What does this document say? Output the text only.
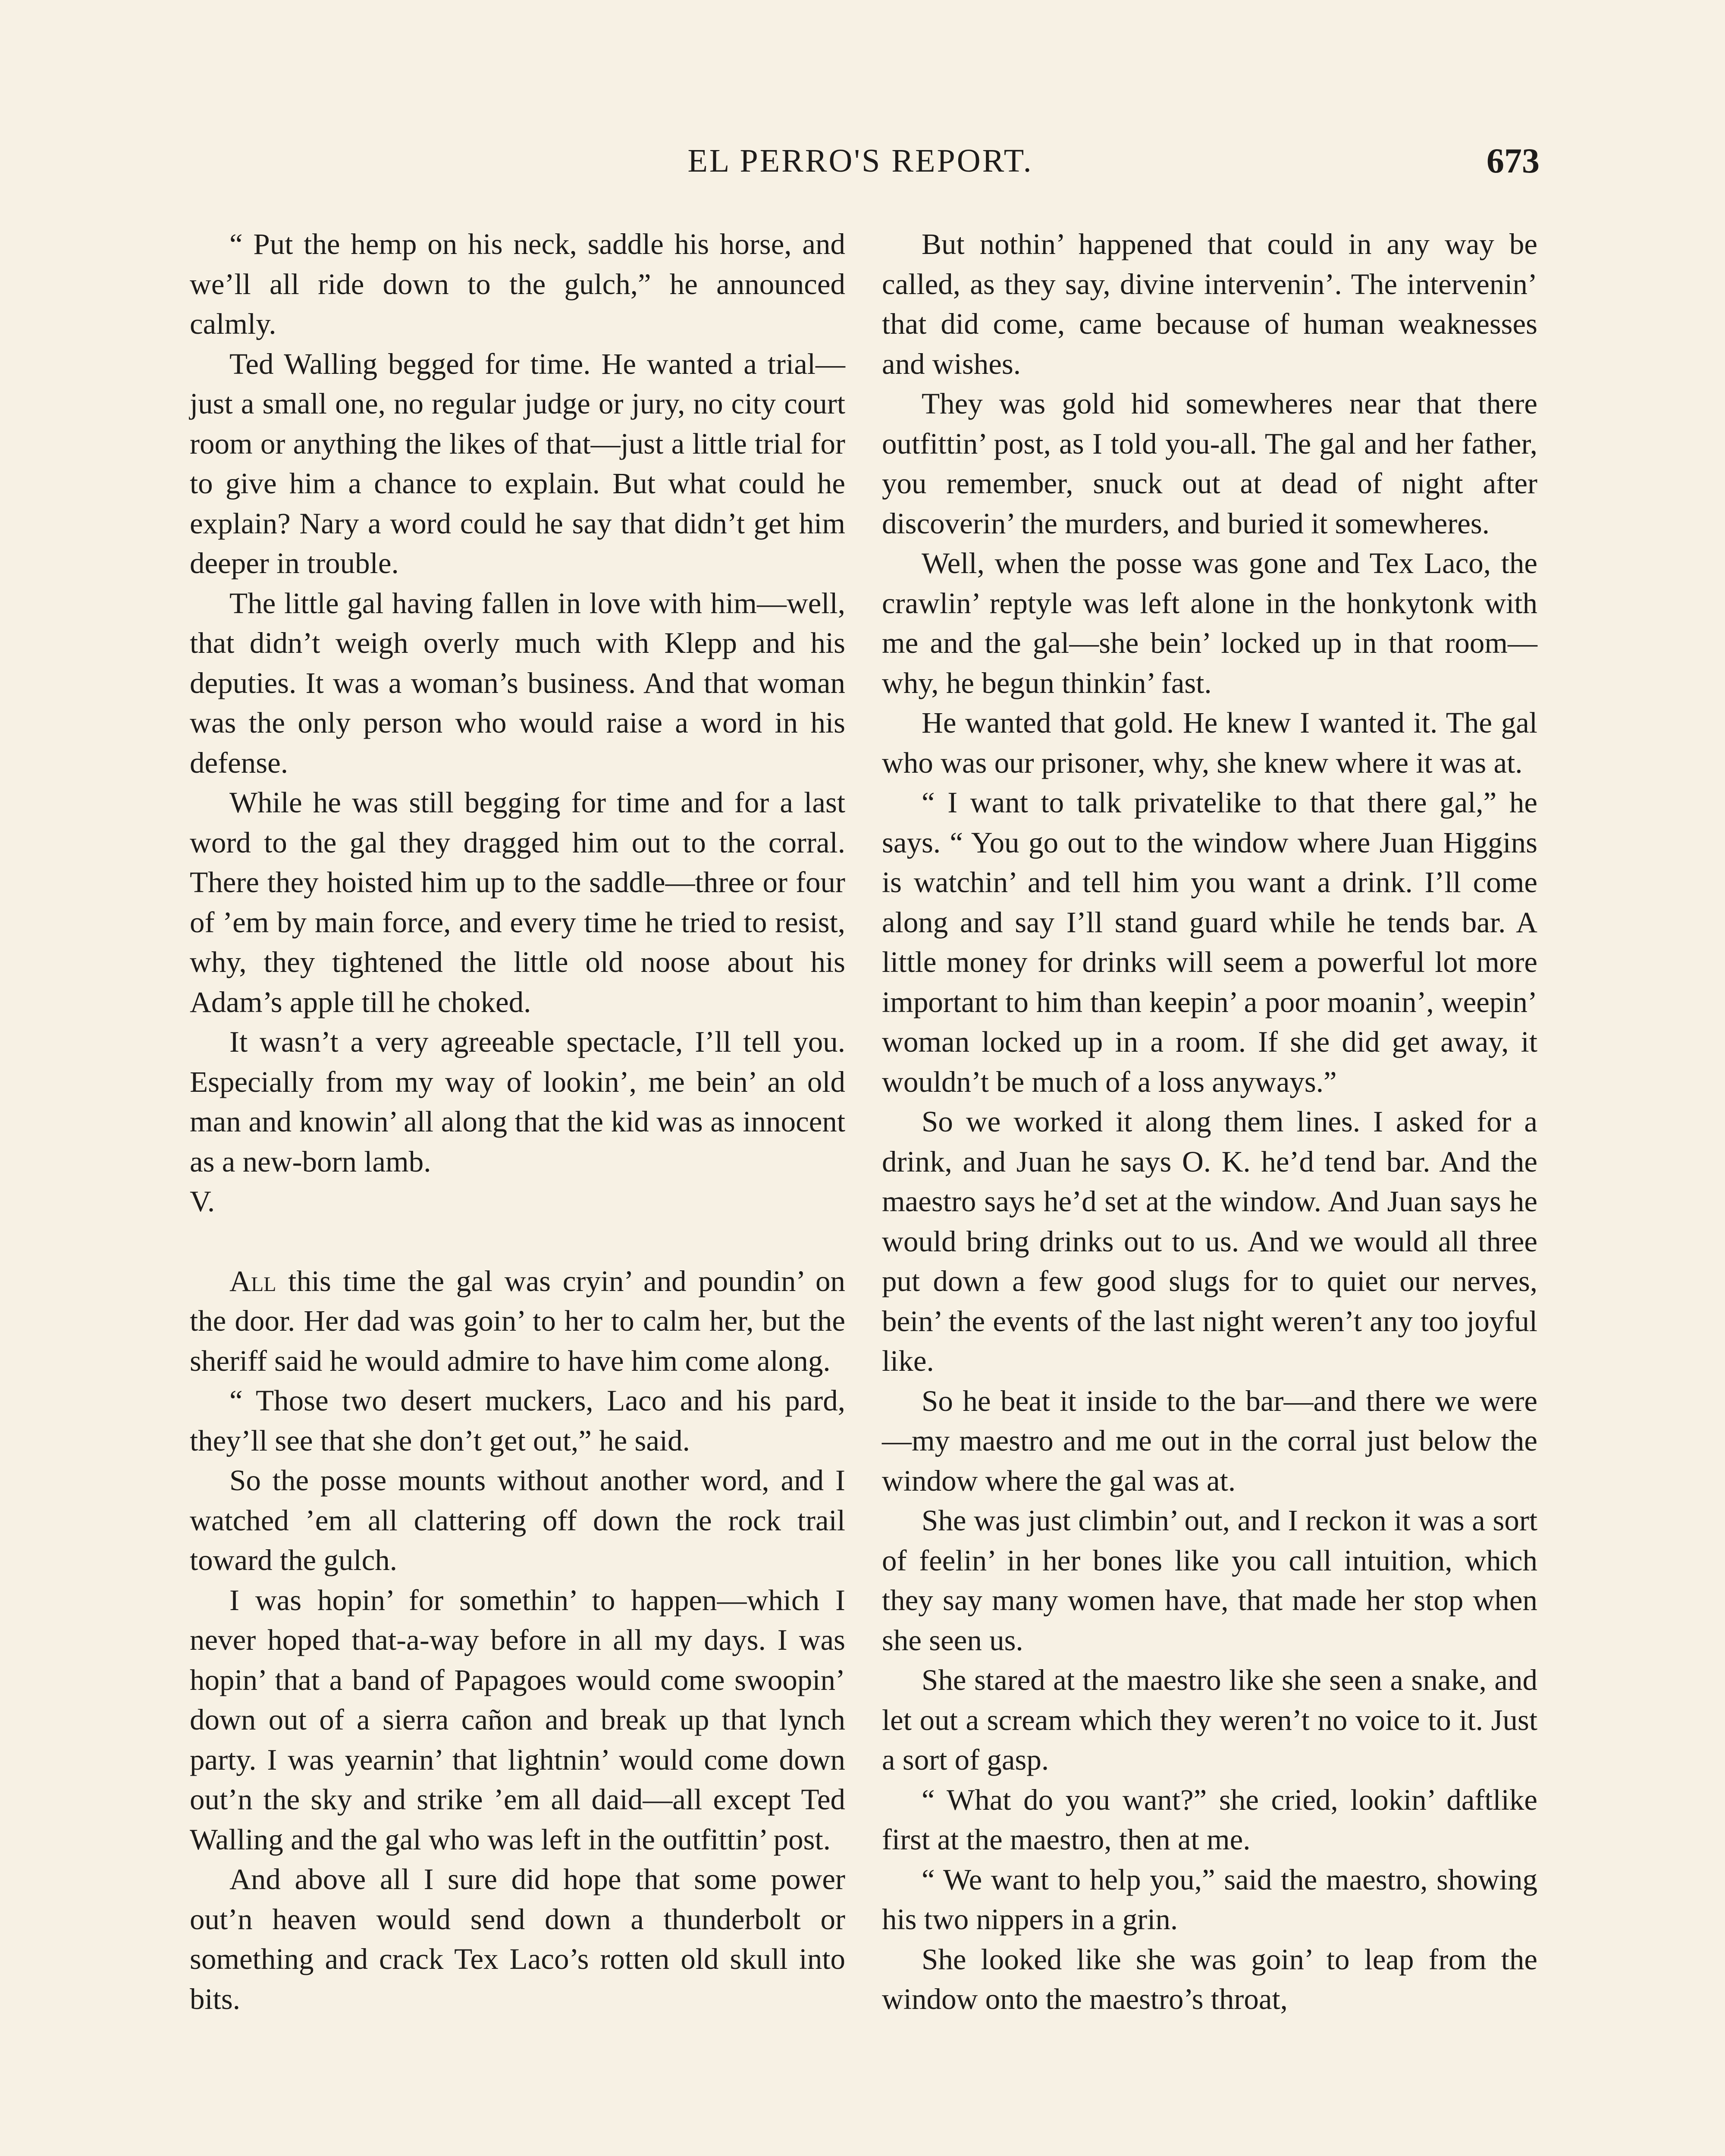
EL PERRO'S REPORT.	673

“ Put the hemp on his neck, saddle his horse, and we’ll all ride down to the gulch,” he announced calmly.

Ted Walling begged for time. He wanted a trial—just a small one, no regular judge or jury, no city court room or anything the likes of that—just a little trial for to give him a chance to explain. But what could he explain? Nary a word could he say that didn’t get him deeper in trouble.

The little gal having fallen in love with him—well, that didn’t weigh overly much with Klepp and his deputies. It was a woman’s business. And that woman was the only person who would raise a word in his defense.

While he was still begging for time and for a last word to the gal they dragged him out to the corral. There they hoisted him up to the saddle—three or four of ’em by main force, and every time he tried to resist, why, they tightened the little old noose about his Adam’s apple till he choked.

It wasn’t a very agreeable spectacle, I’ll tell you. Especially from my way of lookin’, me bein’ an old man and knowin’ all along that the kid was as innocent as a new-born lamb.

V.

All this time the gal was cryin’ and poundin’ on the door. Her dad was goin’ to her to calm her, but the sheriff said he would admire to have him come along.

“ Those two desert muckers, Laco and his pard, they’ll see that she don’t get out,” he said.

So the posse mounts without another word, and I watched ’em all clattering off down the rock trail toward the gulch.

I was hopin’ for somethin’ to happen—which I never hoped that-a-way before in all my days. I was hopin’ that a band of Papagoes would come swoopin’ down out of a sierra cañon and break up that lynch party. I was yearnin’ that lightnin’ would come down out’n the sky and strike ’em all daid—all except Ted Walling and the gal who was left in the outfittin’ post.

And above all I sure did hope that some power out’n heaven would send down a thunderbolt or something and crack Tex Laco’s rotten old skull into bits.

But nothin’ happened that could in any way be called, as they say, divine intervenin’. The intervenin’ that did come, came because of human weaknesses and wishes.

They was gold hid somewheres near that there outfittin’ post, as I told you-all. The gal and her father, you remember, snuck out at dead of night after discoverin’ the murders, and buried it somewheres.

Well, when the posse was gone and Tex Laco, the crawlin’ reptyle was left alone in the honkytonk with me and the gal—she bein’ locked up in that room—why, he begun thinkin’ fast.

He wanted that gold. He knew I wanted it. The gal who was our prisoner, why, she knew where it was at.

“ I want to talk privatelike to that there gal,” he says. “ You go out to the window where Juan Higgins is watchin’ and tell him you want a drink. I’ll come along and say I’ll stand guard while he tends bar. A little money for drinks will seem a powerful lot more important to him than keepin’ a poor moanin’, weepin’ woman locked up in a room. If she did get away, it wouldn’t be much of a loss anyways.”

So we worked it along them lines. I asked for a drink, and Juan he says O. K. he’d tend bar. And the maestro says he’d set at the window. And Juan says he would bring drinks out to us. And we would all three put down a few good slugs for to quiet our nerves, bein’ the events of the last night weren’t any too joyful like.

So he beat it inside to the bar—and there we were—my maestro and me out in the corral just below the window where the gal was at.

She was just climbin’ out, and I reckon it was a sort of feelin’ in her bones like you call intuition, which they say many women have, that made her stop when she seen us.

She stared at the maestro like she seen a snake, and let out a scream which they weren’t no voice to it. Just a sort of gasp.

“ What do you want?” she cried, lookin’ daftlike first at the maestro, then at me.

“ We want to help you,” said the maestro, showing his two nippers in a grin.

She looked like she was goin’ to leap from the window onto the maestro’s throat,
